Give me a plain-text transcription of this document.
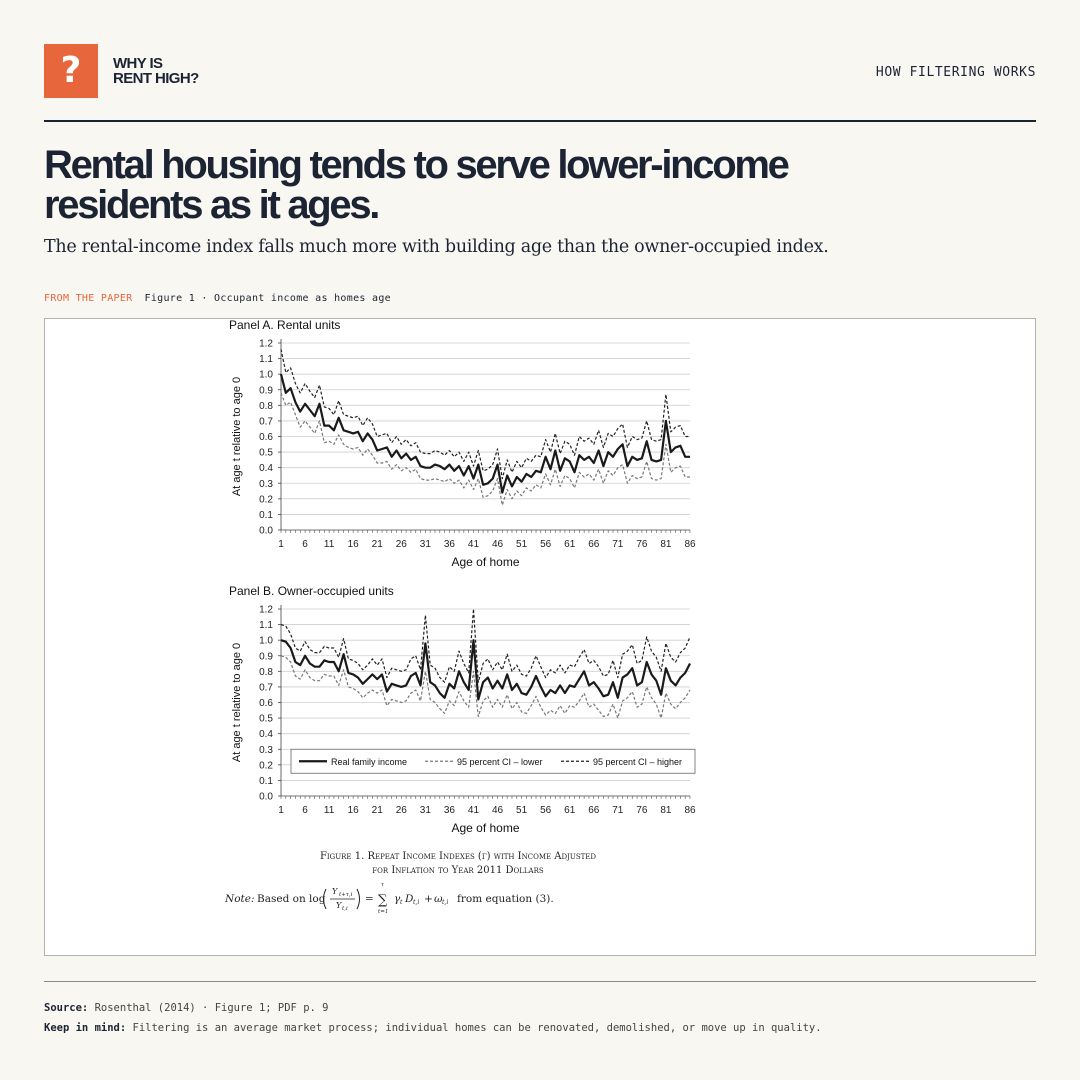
? WHY IS
RENT HIGH?	HOW FILTERING WORKS
Rental housing tends to serve lower-income residents as it ages.

The rental-income index falls much more with building age than the owner-occupied index.

FROM THE PAPER Figure 1 · Occupant income as homes age
Panel A. Rental units
0.0
0.1
0.2
0.3
0.4
0.5
0.6
0.7
0.8
0.9
1.0
1.1
1.2
1 6 11 16 21 26 31 36 41 46 51 56 61 66 71 76 81 86
Age of home
At age t relative to age 0
Panel B. Owner-occupied units
0.0
0.1
0.2
0.3
0.4
0.5
0.6
0.7
0.8
0.9
1.0
1.1
1.2
1 6 11 16 21 26 31 36 41 46 51 56 61 66 71 76 81 86
Age of home
At age t relative to age 0	Real family income	95 percent CI – lower	95 percent CI – higher
Figure 1. Repeat Income Indexes (γ) with Income Adjusted
for Inflation to Year 2011 Dollars
Note: Based on log
Y t+τ,i
Y t,i
= ∑
τ
t=1
γ t D t,i + ω t,i from equation (3).
Source: Rosenthal (2014) · Figure 1; PDF p. 9
Keep in mind: Filtering is an average market process; individual homes can be renovated, demolished, or move up in quality.
